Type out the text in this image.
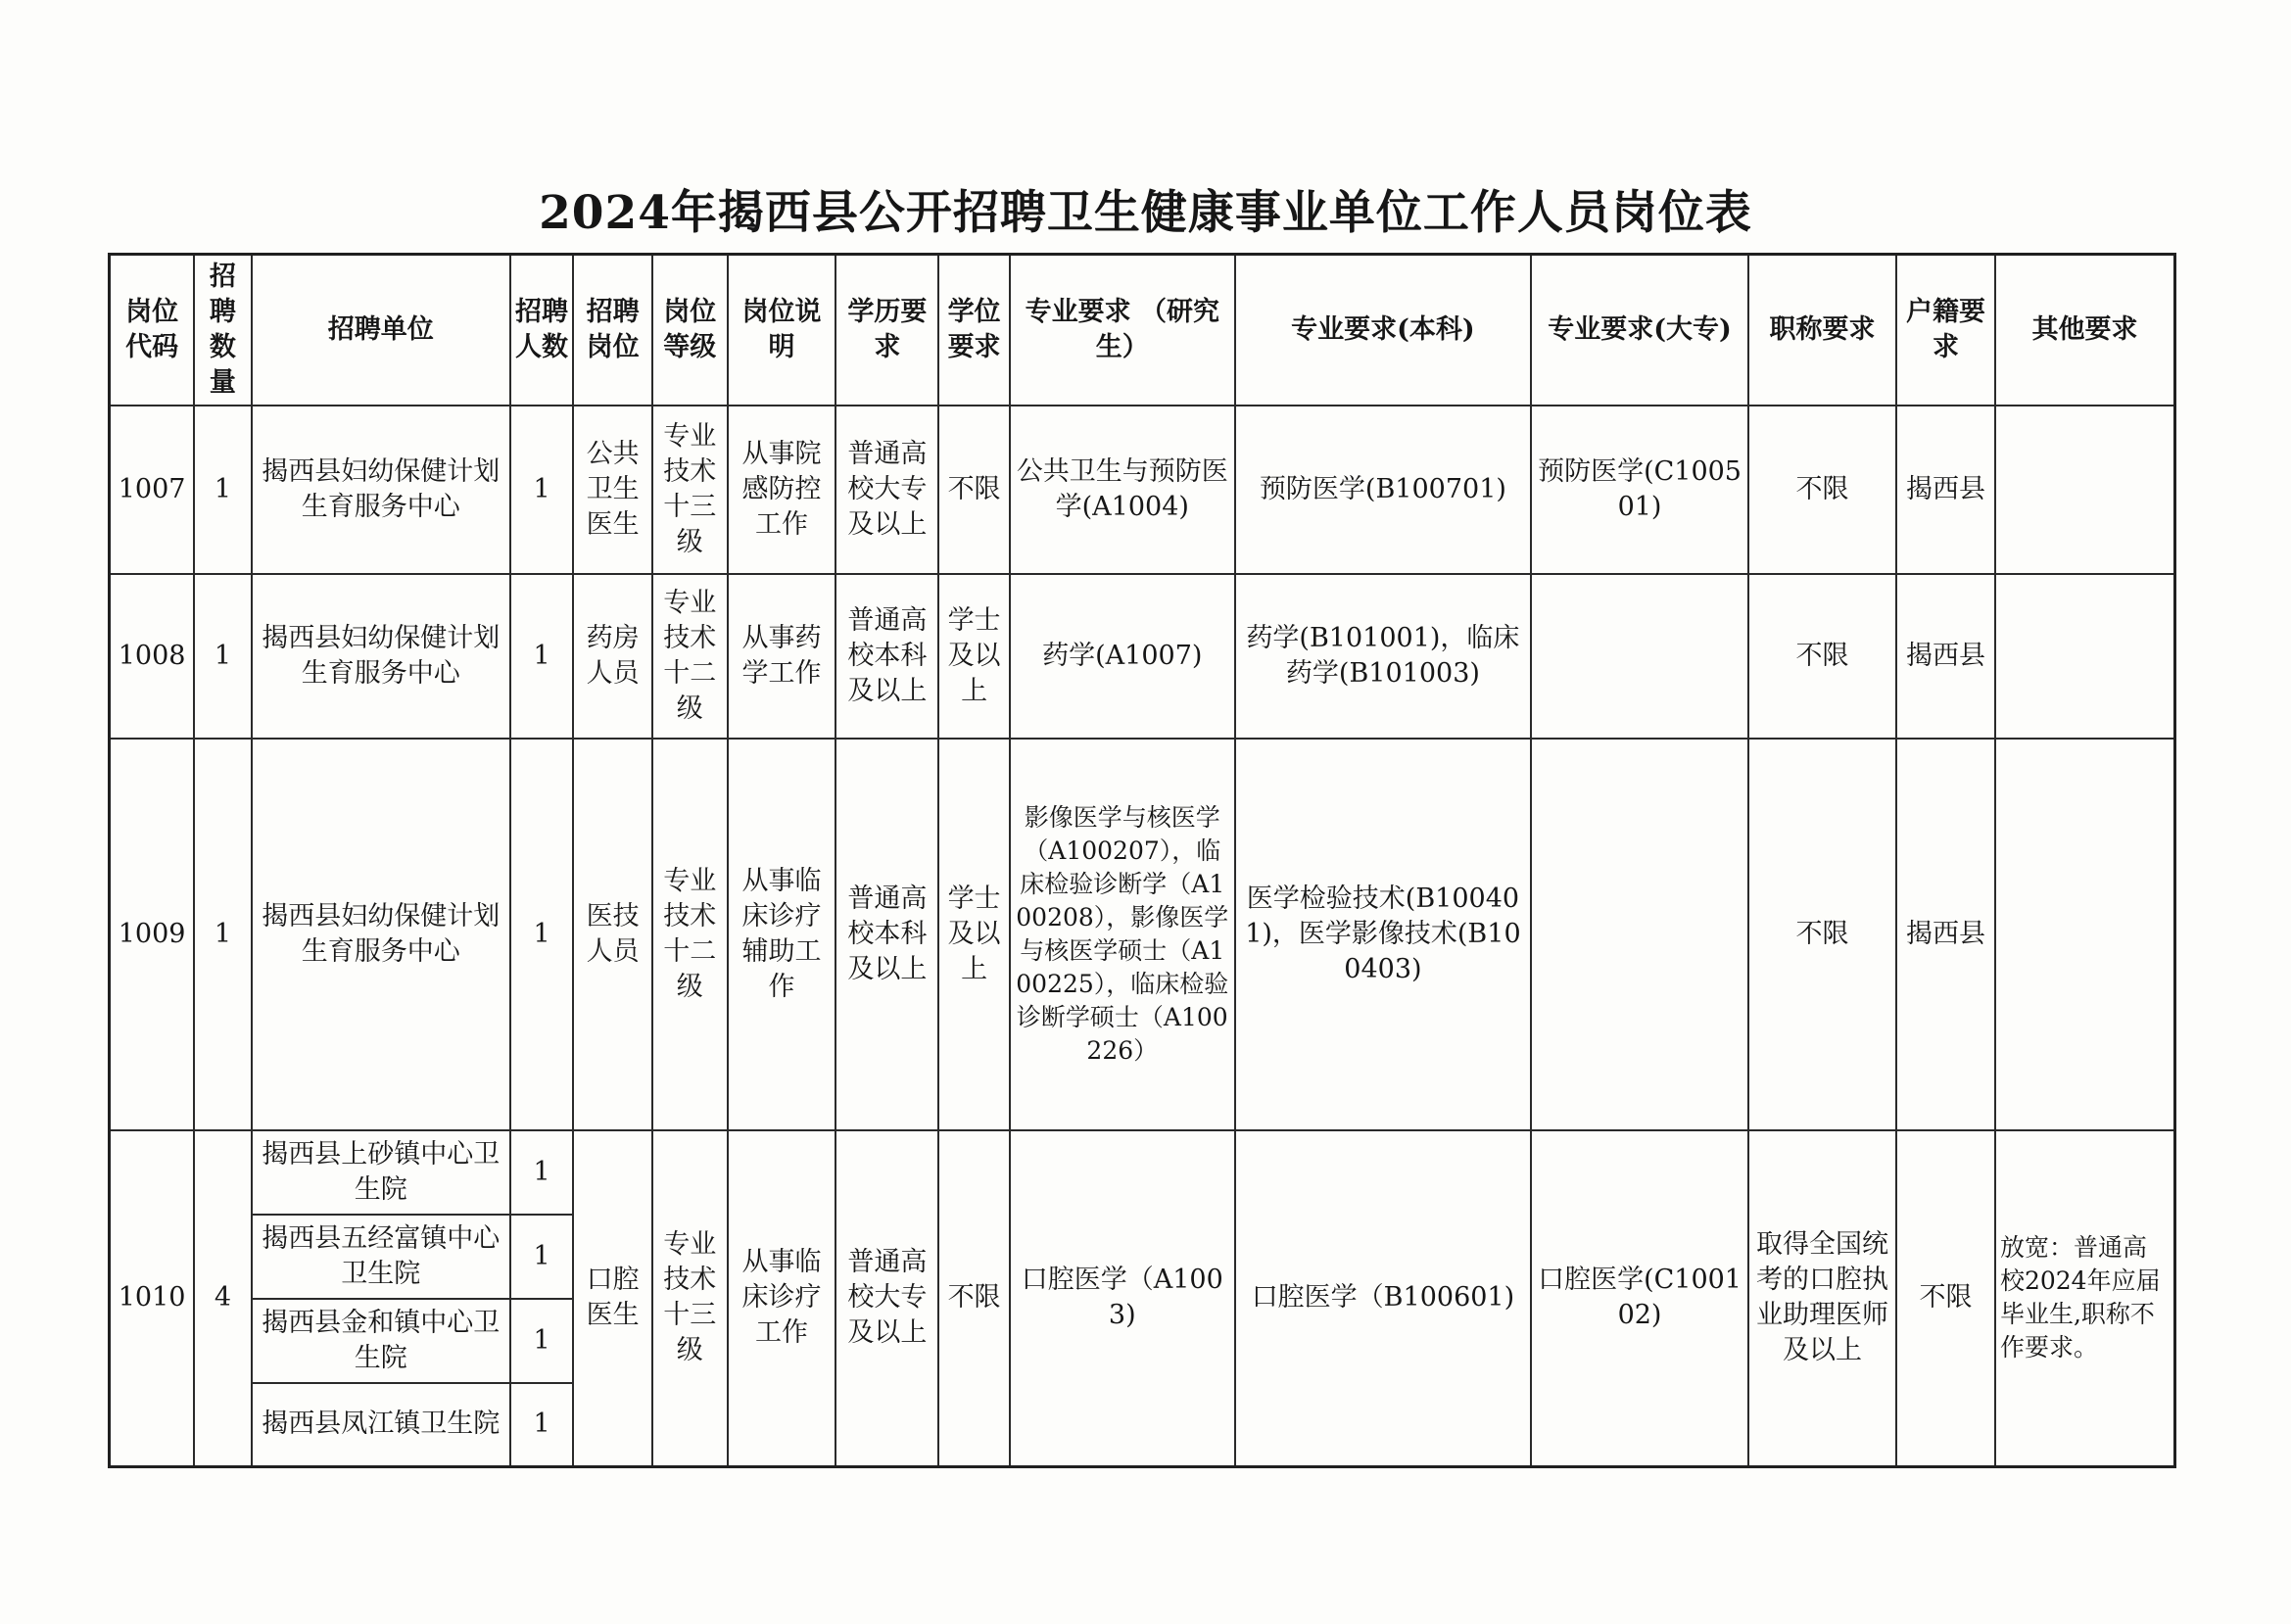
2024年揭西县公开招聘卫生健康事业单位工作人员岗位表
岗位代码	招聘数量	招聘单位	招聘人数	招聘岗位	岗位等级	岗位说明	学历要求	学位要求	专业要求 （研究生）	专业要求(本科)	专业要求(大专)	职称要求	户籍要求	其他要求
1007	1	揭西县妇幼保健计划生育服务中心	1	公共卫生医生	专业技术十三级	从事院感防控工作	普通高校大专及以上	不限	公共卫生与预防医学(A1004)	预防医学(B100701)	预防医学(C100501)	不限	揭西县	
1008	1	揭西县妇幼保健计划生育服务中心	1	药房人员	专业技术十二级	从事药学工作	普通高校本科及以上	学士及以上	药学(A1007)	药学(B101001)，临床药学(B101003)		不限	揭西县	
1009	1	揭西县妇幼保健计划生育服务中心	1	医技人员	专业技术十二级	从事临床诊疗辅助工作	普通高校本科及以上	学士及以上	影像医学与核医学（A100207），临床检验诊断学（A100208），影像医学与核医学硕士（A100225），临床检验诊断学硕士（A100226）	医学检验技术(B100401)，医学影像技术(B100403)		不限	揭西县	
1010	4	揭西县上砂镇中心卫生院	1	口腔医生	专业技术十三级	从事临床诊疗工作	普通高校大专及以上	不限	口腔医学（A1003)	口腔医学（B100601)	口腔医学(C100102)	取得全国统考的口腔执业助理医师及以上	不限	放宽：普通高校2024年应届毕业生,职称不作要求。
		揭西县五经富镇中心卫生院	1											
		揭西县金和镇中心卫生院	1											
		揭西县凤江镇卫生院	1											
